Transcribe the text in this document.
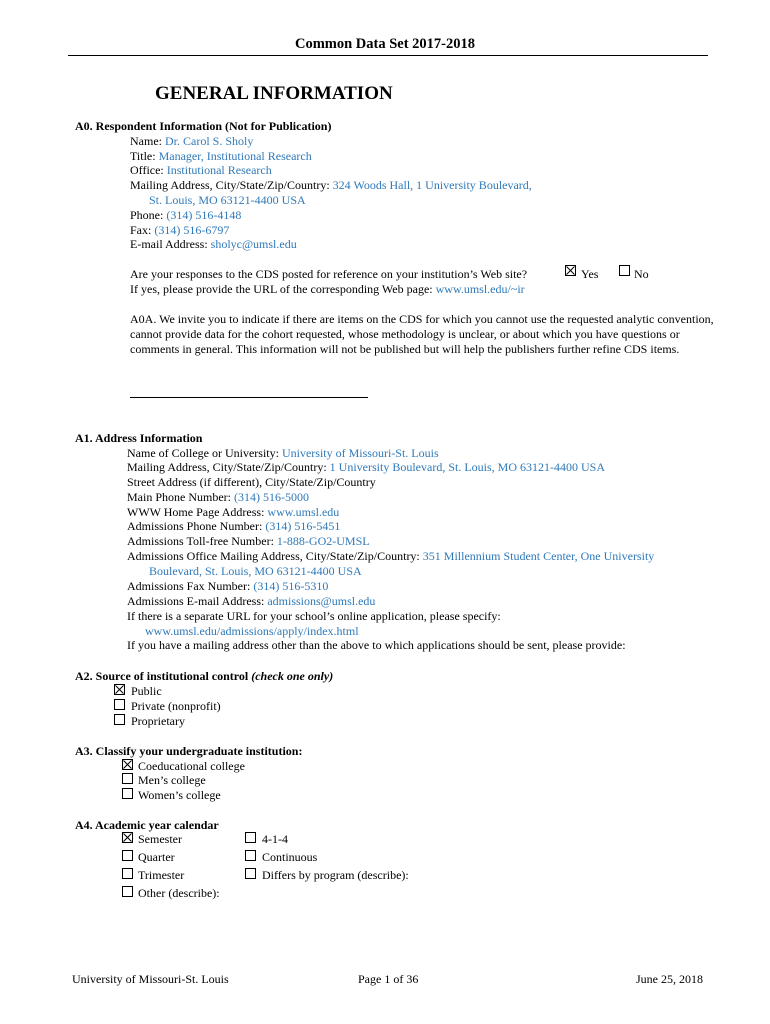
Common Data Set 2017-2018
GENERAL INFORMATION
A0. Respondent Information (Not for Publication)
Name: Dr. Carol S. Sholy
Title: Manager, Institutional Research
Office: Institutional Research
Mailing Address, City/State/Zip/Country: 324 Woods Hall, 1 University Boulevard,
St. Louis, MO 63121-4400 USA
Phone: (314) 516-4148
Fax: (314) 516-6797
E-mail Address: sholyc@umsl.edu
Are your responses to the CDS posted for reference on your institution’s Web site?	Yes	No
If yes, please provide the URL of the corresponding Web page: www.umsl.edu/~ir
A0A. We invite you to indicate if there are items on the CDS for which you cannot use the requested analytic convention, cannot provide data for the cohort requested, whose methodology is unclear, or about which you have questions or comments in general. This information will not be published but will help the publishers further refine CDS items.
A1. Address Information
Name of College or University: University of Missouri-St. Louis
Mailing Address, City/State/Zip/Country: 1 University Boulevard, St. Louis, MO 63121-4400 USA
Street Address (if different), City/State/Zip/Country
Main Phone Number: (314) 516-5000
WWW Home Page Address: www.umsl.edu
Admissions Phone Number: (314) 516-5451
Admissions Toll-free Number: 1-888-GO2-UMSL
Admissions Office Mailing Address, City/State/Zip/Country: 351 Millennium Student Center, One University
Boulevard, St. Louis, MO 63121-4400 USA
Admissions Fax Number: (314) 516-5310
Admissions E-mail Address: admissions@umsl.edu
If there is a separate URL for your school’s online application, please specify:
www.umsl.edu/admissions/apply/index.html
If you have a mailing address other than the above to which applications should be sent, please provide:
A2. Source of institutional control (check one only)
Public
Private (nonprofit)
Proprietary
A3. Classify your undergraduate institution:
Coeducational college
Men’s college
Women’s college
A4. Academic year calendar
Semester
Quarter
Trimester
Other (describe):
4-1-4
Continuous
Differs by program (describe):
University of Missouri-St. Louis	Page 1 of 36	June 25, 2018
